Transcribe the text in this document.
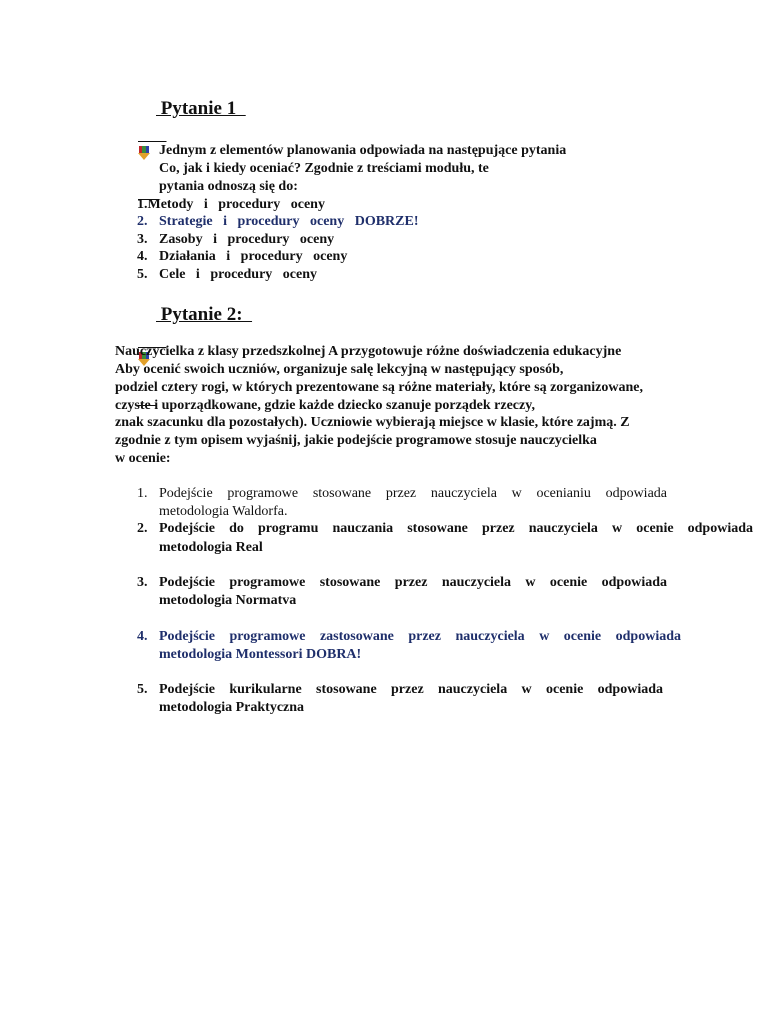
Pytanie 1
Jednym z elementów planowania odpowiada na następujące pytania
Co, jak i kiedy oceniać? Zgodnie z treściami modułu, te
pytania odnoszą się do:
1.Metody   i   procedury   oceny
2. Strategie   i   procedury   oceny   DOBRZE!
3. Zasoby   i   procedury   oceny
4. Działania   i   procedury   oceny
5. Cele   i   procedury   oceny

Pytanie 2:
Nauczycielka z klasy przedszkolnej A przygotowuje różne doświadczenia edukacyjne
Aby ocenić swoich uczniów, organizuje salę lekcyjną w następujący sposób,
podziel cztery rogi, w których prezentowane są różne materiały, które są zorganizowane,
czyste i uporządkowane, gdzie każde dziecko szanuje porządek rzeczy,
znak szacunku dla pozostałych). Uczniowie wybierają miejsce w klasie, które zajmą. Z
zgodnie z tym opisem wyjaśnij, jakie podejście programowe stosuje nauczycielka
w ocenie:
1. Podejście programowe stosowane przez nauczyciela w ocenianiu odpowiada
metodologia Waldorfa.
2. Podejście do programu nauczania stosowane przez nauczyciela w ocenie odpowiada
metodologia Real
3. Podejście programowe stosowane przez nauczyciela w ocenie odpowiada
metodologia Normatva
4. Podejście programowe zastosowane przez nauczyciela w ocenie odpowiada
metodologia Montessori DOBRA!
5. Podejście kurikularne stosowane przez nauczyciela w ocenie odpowiada
metodologia Praktyczna
